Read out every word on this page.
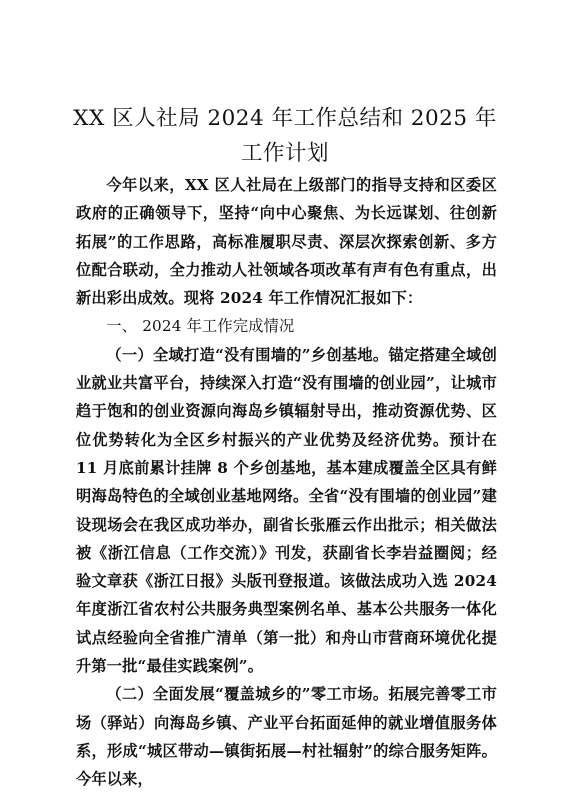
XX 区人社局 2024 年工作总结和 2025 年工作计划

今年以来，XX 区人社局在上级部门的指导支持和区委区政府的正确领导下，坚持“向中心聚焦、为长远谋划、往创新拓展”的工作思路，高标准履职尽责、深层次探索创新、多方位配合联动，全力推动人社领域各项改革有声有色有重点，出新出彩出成效。现将 2024 年工作情况汇报如下：

一、 2024 年工作完成情况

（一）全域打造“没有围墙的”乡创基地。锚定搭建全域创业就业共富平台，持续深入打造“没有围墙的创业园”，让城市趋于饱和的创业资源向海岛乡镇辐射导出，推动资源优势、区位优势转化为全区乡村振兴的产业优势及经济优势。预计在 11 月底前累计挂牌 8 个乡创基地，基本建成覆盖全区具有鲜明海岛特色的全域创业基地网络。全省“没有围墙的创业园”建设现场会在我区成功举办，副省长张雁云作出批示；相关做法被《浙江信息（工作交流）》刊发，获副省长李岩益圈阅；经验文章获《浙江日报》头版刊登报道。该做法成功入选 2024 年度浙江省农村公共服务典型案例名单、基本公共服务一体化试点经验向全省推广清单（第一批）和舟山市营商环境优化提升第一批“最佳实践案例”。

（二）全面发展“覆盖城乡的”零工市场。拓展完善零工市场（驿站）向海岛乡镇、产业平台拓面延伸的就业增值服务体系，形成“城区带动—镇街拓展—村社辐射”的综合服务矩阵。今年以来，
